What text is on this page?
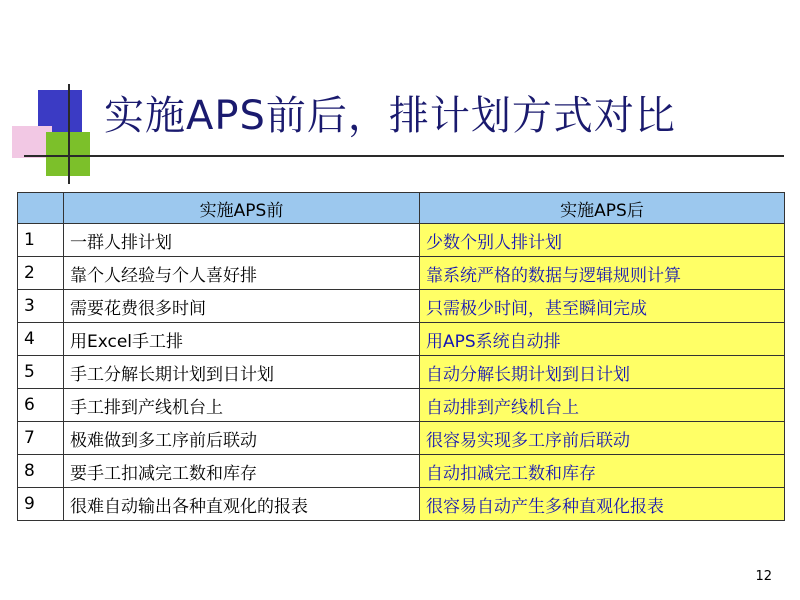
实施APS前后，排计划方式对比
	实施APS前	实施APS后
1	一群人排计划	少数个别人排计划
2	靠个人经验与个人喜好排	靠系统严格的数据与逻辑规则计算
3	需要花费很多时间	只需极少时间，甚至瞬间完成
4	用Excel手工排	用APS系统自动排
5	手工分解长期计划到日计划	自动分解长期计划到日计划
6	手工排到产线机台上	自动排到产线机台上
7	极难做到多工序前后联动	很容易实现多工序前后联动
8	要手工扣减完工数和库存	自动扣减完工数和库存
9	很难自动输出各种直观化的报表	很容易自动产生多种直观化报表
12
